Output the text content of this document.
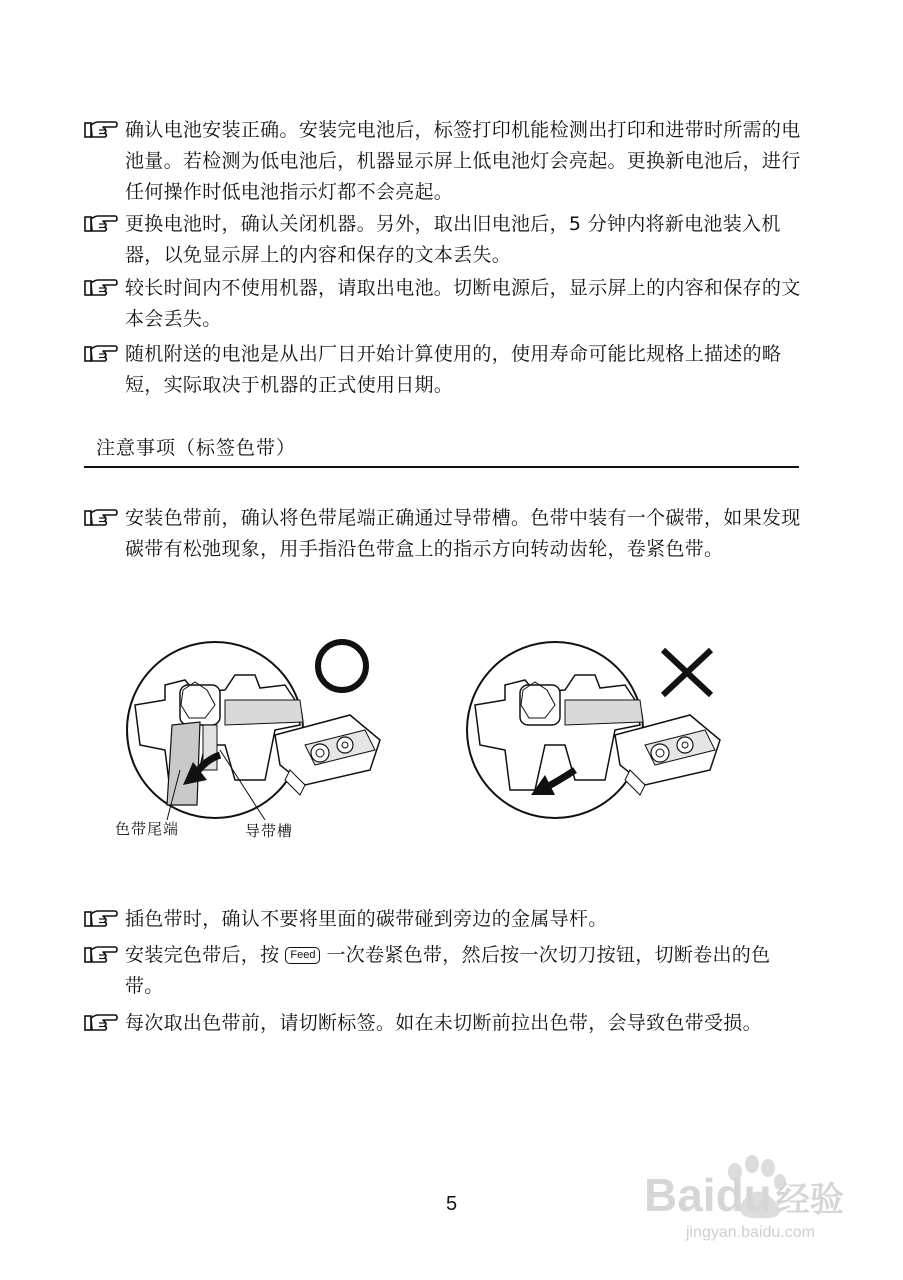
确认电池安装正确。安装完电池后，标签打印机能检测出打印和进带时所需的电池量。若检测为低电池后，机器显示屏上低电池灯会亮起。更换新电池后，进行任何操作时低电池指示灯都不会亮起。
更换电池时，确认关闭机器。另外，取出旧电池后，5 分钟内将新电池装入机器，以免显示屏上的内容和保存的文本丢失。
较长时间内不使用机器，请取出电池。切断电源后，显示屏上的内容和保存的文本会丢失。
随机附送的电池是从出厂日开始计算使用的，使用寿命可能比规格上描述的略短，实际取决于机器的正式使用日期。
注意事项（标签色带）
安装色带前，确认将色带尾端正确通过导带槽。色带中装有一个碳带，如果发现碳带有松弛现象，用手指沿色带盒上的指示方向转动齿轮，卷紧色带。
色带尾端	导带槽
插色带时，确认不要将里面的碳带碰到旁边的金属导杆。
安装完色带后，按 Feed 一次卷紧色带，然后按一次切刀按钮，切断卷出的色带。
每次取出色带前，请切断标签。如在未切断前拉出色带，会导致色带受损。
5	Baidu 经验
jingyan.baidu.com
